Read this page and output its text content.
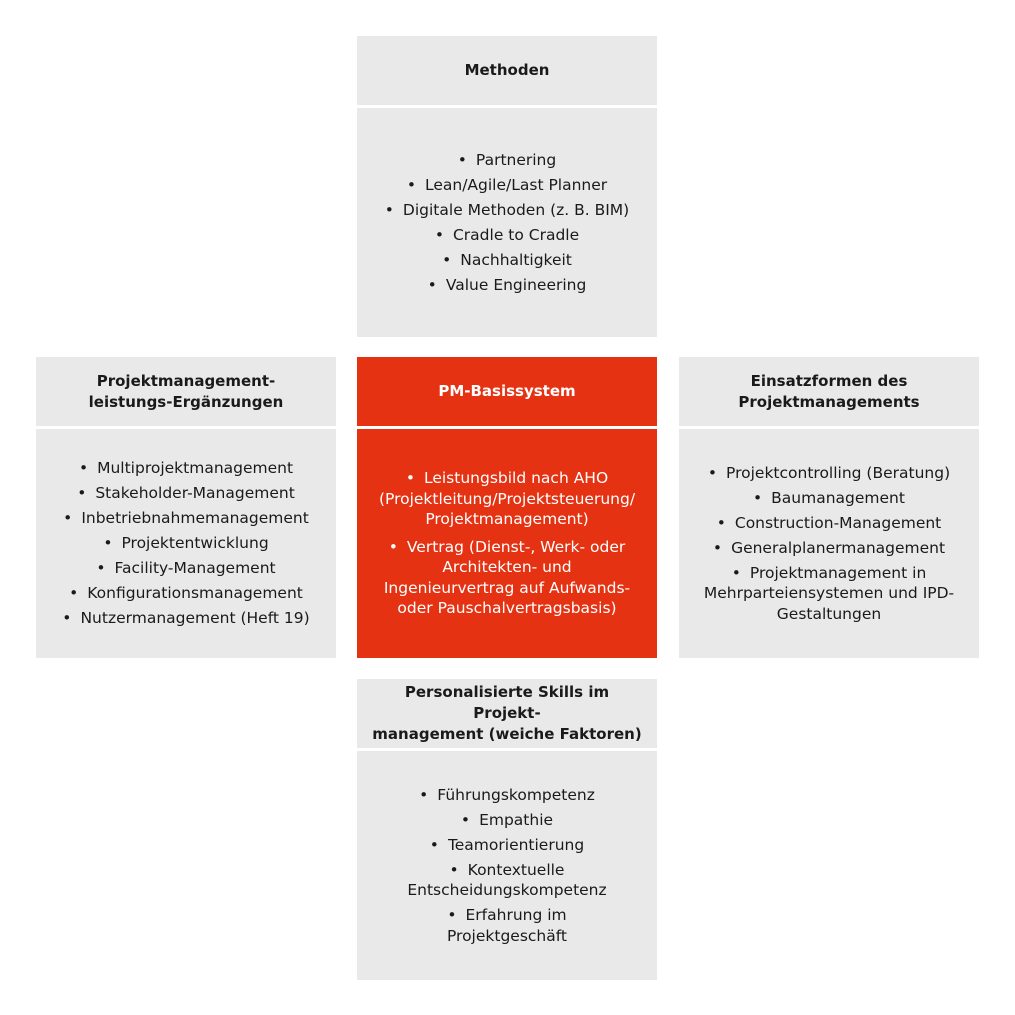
Methoden
• Partnering
• Lean/Agile/Last Planner
• Digitale Methoden (z. B. BIM)
• Cradle to Cradle
• Nachhaltigkeit
• Value Engineering
Projektmanagement-
leistungs-Ergänzungen
• Multiprojektmanagement
• Stakeholder-Management
• Inbetriebnahmemanagement
• Projektentwicklung
• Facility-Management
• Konfigurationsmanagement
• Nutzermanagement (Heft 19)
PM-Basissystem
• Leistungsbild nach AHO (Projektleitung/Projektsteuerung/ Projektmanagement)
• Vertrag (Dienst-, Werk- oder Architekten- und Ingenieurvertrag auf Aufwands- oder Pauschalvertragsbasis)
Einsatzformen des Projektmanagements
• Projektcontrolling (Beratung)
• Baumanagement
• Construction-Management
• Generalplanermanagement
• Projektmanagement in Mehrparteiensystemen und IPD-Gestaltungen
Personalisierte Skills im Projekt-
management (weiche Faktoren)
• Führungskompetenz
• Empathie
• Teamorientierung
• Kontextuelle Entscheidungskompetenz
• Erfahrung im Projektgeschäft
